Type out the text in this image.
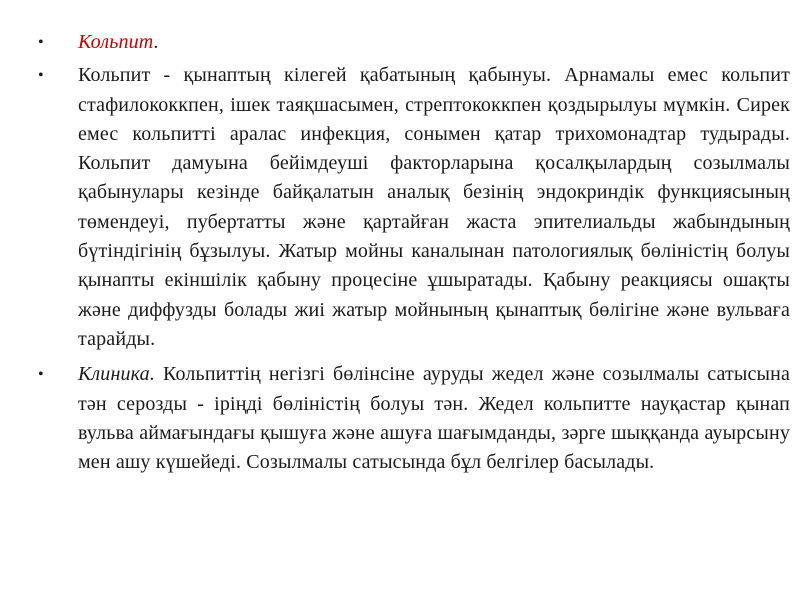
• Кольпит.
• Кольпит - қынаптың кілегей қабатының қабынуы. Арнамалы емес кольпит стафилококкпен, ішек таяқшасымен, стрептококкпен қоздырылуы мүмкін. Сирек емес кольпитті аралас инфекция, сонымен қатар трихомонадтар тудырады. Кольпит дамуына бейімдеуші факторларына қосалқылардың созылмалы қабынулары кезінде байқалатын аналық безінің эндокриндік функциясының төмендеуі, пубертатты және қартайған жаста эпителиальды жабындының бүтіндігінің бұзылуы. Жатыр мойны каналынан патологиялық бөліністің болуы қынапты екіншілік қабыну процесіне ұшыратады. Қабыну реакциясы ошақты және диффузды болады жиі жатыр мойнының қынаптық бөлігіне және вульваға тарайды.
• Клиника. Кольпиттің негізгі бөлінсіне ауруды жедел және созылмалы сатысына тән серозды - іріңді бөліністің болуы тән. Жедел кольпитте науқастар қынап вульва аймағындағы қышуға және ашуға шағымданды, зәрге шыққанда ауырсыну мен ашу күшейеді. Созылмалы сатысында бұл белгілер басылады.
